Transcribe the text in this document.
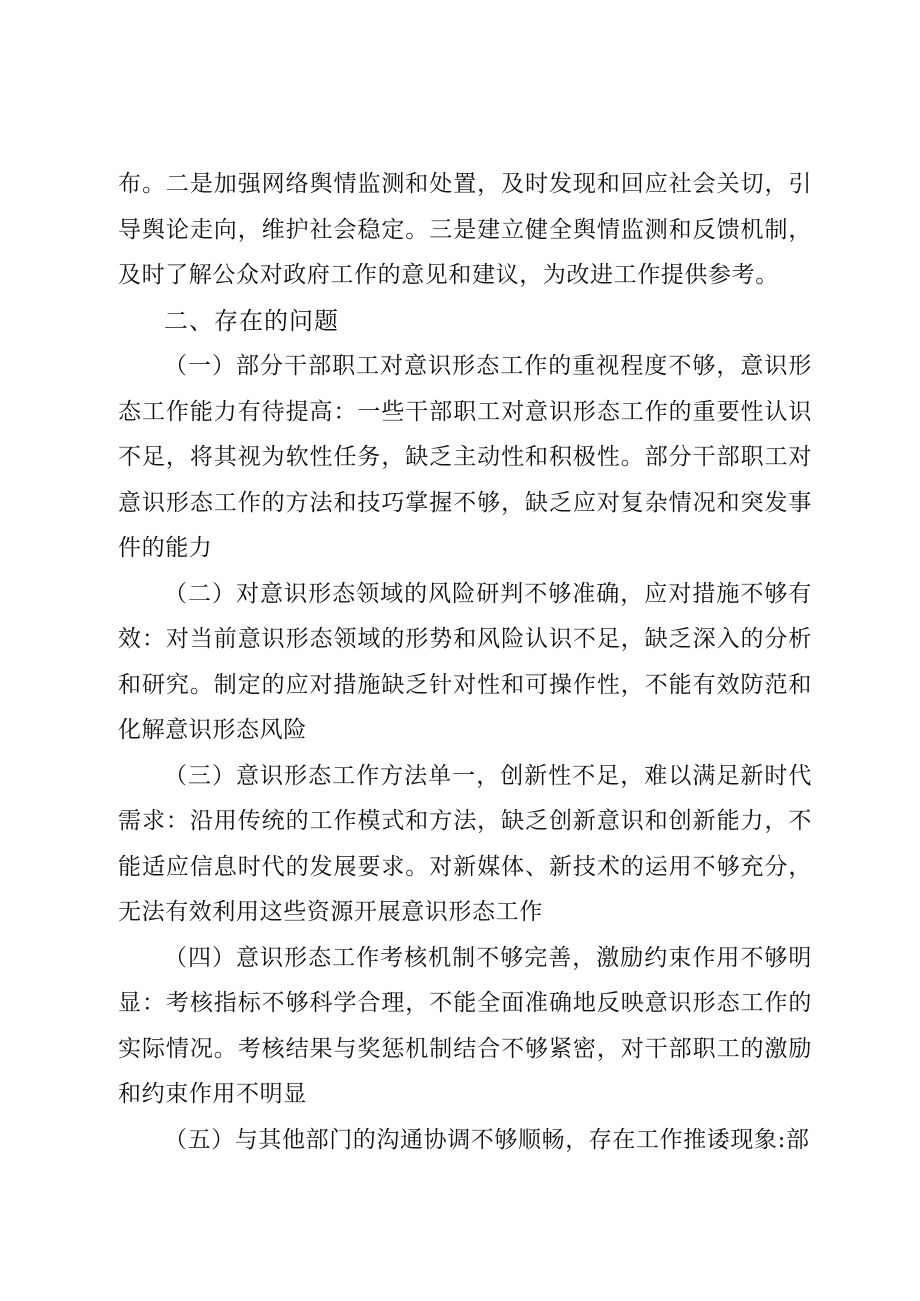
布。二是加强网络舆情监测和处置，及时发现和回应社会关切，引导舆论走向，维护社会稳定。三是建立健全舆情监测和反馈机制，及时了解公众对政府工作的意见和建议，为改进工作提供参考。

二、存在的问题

（一）部分干部职工对意识形态工作的重视程度不够，意识形态工作能力有待提高：一些干部职工对意识形态工作的重要性认识不足，将其视为软性任务，缺乏主动性和积极性。部分干部职工对意识形态工作的方法和技巧掌握不够，缺乏应对复杂情况和突发事件的能力

（二）对意识形态领域的风险研判不够准确，应对措施不够有效：对当前意识形态领域的形势和风险认识不足，缺乏深入的分析和研究。制定的应对措施缺乏针对性和可操作性，不能有效防范和化解意识形态风险

（三）意识形态工作方法单一，创新性不足，难以满足新时代需求：沿用传统的工作模式和方法，缺乏创新意识和创新能力，不能适应信息时代的发展要求。对新媒体、新技术的运用不够充分，无法有效利用这些资源开展意识形态工作

（四）意识形态工作考核机制不够完善，激励约束作用不够明显：考核指标不够科学合理，不能全面准确地反映意识形态工作的实际情况。考核结果与奖惩机制结合不够紧密，对干部职工的激励和约束作用不明显

（五）与其他部门的沟通协调不够顺畅，存在工作推诿现象:部
